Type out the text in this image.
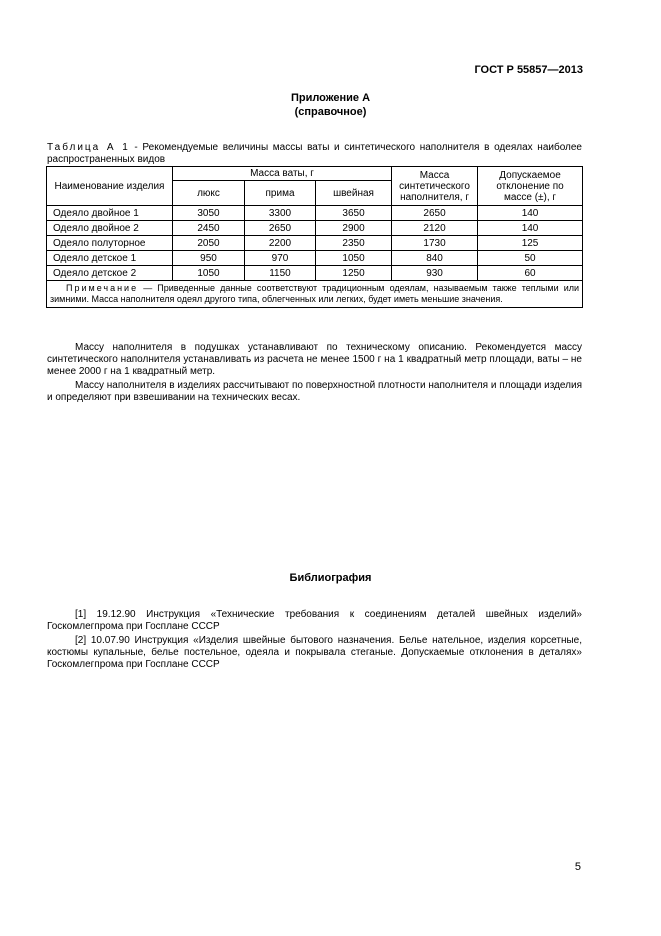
ГОСТ Р 55857—2013
Приложение А
(справочное)
Таблица А 1 - Рекомендуемые величины массы ваты и синтетического наполнителя в одеялах наиболее распространенных видов
Наименование изделия	Масса ваты, г			Масса синтетического наполнителя, г	Допускаемое отклонение по массе (±), г
	люкс	прима	швейная		
Одеяло двойное 1	3050	3300	3650	2650	140
Одеяло двойное 2	2450	2650	2900	2120	140
Одеяло полуторное	2050	2200	2350	1730	125
Одеяло детское 1	950	970	1050	840	50
Одеяло детское 2	1050	1150	1250	930	60
Примечание — Приведенные данные соответствуют традиционным одеялам, называемым также теплыми или зимними. Масса наполнителя одеял другого типа, облегченных или легких, будет иметь меньшие значения.					
Массу наполнителя в подушках устанавливают по техническому описанию. Рекомендуется массу синтетического наполнителя устанавливать из расчета не менее 1500 г на 1 квадратный метр площади, ваты – не менее 2000 г на 1 квадратный метр.
Массу наполнителя в изделиях рассчитывают по поверхностной плотности наполнителя и площади изделия и определяют при взвешивании на технических весах.
Библиография
[1] 19.12.90 Инструкция «Технические требования к соединениям деталей швейных изделий» Госкомлегпрома при Госплане СССР
[2] 10.07.90 Инструкция «Изделия швейные бытового назначения. Белье нательное, изделия корсетные, костюмы купальные, белье постельное, одеяла и покрывала стеганые. Допускаемые отклонения в деталях» Госкомлегпрома при Госплане СССР
5
